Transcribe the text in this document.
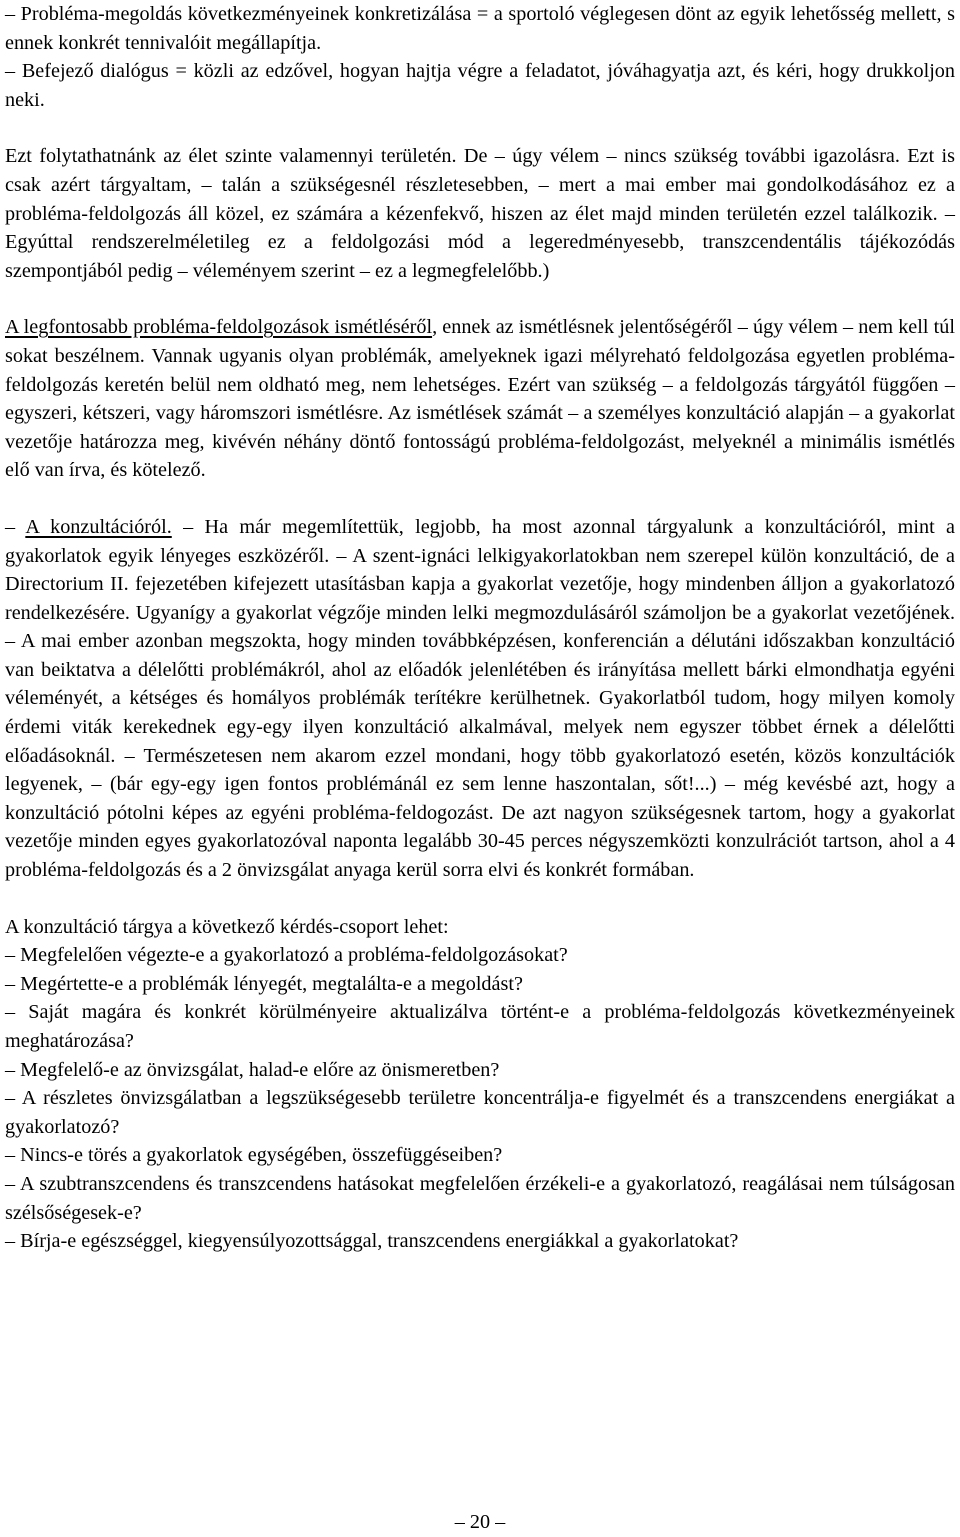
– Probléma-megoldás következményeinek konkretizálása = a sportoló véglegesen dönt az egyik lehetősség mellett, s ennek konkrét tennivalóit megállapítja.

– Befejező dialógus = közli az edzővel, hogyan hajtja végre a feladatot, jóváhagyatja azt, és kéri, hogy drukkoljon neki.

Ezt folytathatnánk az élet szinte valamennyi területén. De – úgy vélem – nincs szükség további igazolásra. Ezt is csak azért tárgyaltam, – talán a szükségesnél részletesebben, – mert a mai ember mai gondolkodásához ez a probléma-feldolgozás áll közel, ez számára a kézenfekvő, hiszen az élet majd minden területén ezzel találkozik. – Egyúttal rendszerelméletileg ez a feldolgozási mód a legeredményesebb, transzcendentális tájékozódás szempontjából pedig – véleményem szerint – ez a legmegfelelőbb.)

A legfontosabb probléma-feldolgozások ismétléséről, ennek az ismétlésnek jelentőségéről – úgy vélem – nem kell túl sokat beszélnem. Vannak ugyanis olyan problémák, amelyeknek igazi mélyreható feldolgozása egyetlen probléma-feldolgozás keretén belül nem oldható meg, nem lehetséges. Ezért van szükség – a feldolgozás tárgyától függően – egyszeri, kétszeri, vagy háromszori ismétlésre. Az ismétlések számát – a személyes konzultáció alapján – a gyakorlat vezetője határozza meg, kivévén néhány döntő fontosságú probléma-feldolgozást, melyeknél a minimális ismétlés elő van írva, és kötelező.

– A konzultációról. – Ha már megemlítettük, legjobb, ha most azonnal tárgyalunk a konzultációról, mint a gyakorlatok egyik lényeges eszközéről. – A szent-ignáci lelkigyakorlatokban nem szerepel külön konzultáció, de a Directorium II. fejezetében kifejezett utasításban kapja a gyakorlat vezetője, hogy mindenben álljon a gyakorlatozó rendelkezésére. Ugyanígy a gyakorlat végzője minden lelki megmozdulásáról számoljon be a gyakorlat vezetőjének. – A mai ember azonban megszokta, hogy minden továbbképzésen, konferencián a délutáni időszakban konzultáció van beiktatva a délelőtti problémákról, ahol az előadók jelenlétében és irányítása mellett bárki elmondhatja egyéni véleményét, a kétséges és homályos problémák terítékre kerülhetnek. Gyakorlatból tudom, hogy milyen komoly érdemi viták kerekednek egy-egy ilyen konzultáció alkalmával, melyek nem egyszer többet érnek a délelőtti előadásoknál. – Természetesen nem akarom ezzel mondani, hogy több gyakorlatozó esetén, közös konzultációk legyenek, – (bár egy-egy igen fontos problémánál ez sem lenne haszontalan, sőt!...) – még kevésbé azt, hogy a konzultáció pótolni képes az egyéni probléma-feldogozást. De azt nagyon szükségesnek tartom, hogy a gyakorlat vezetője minden egyes gyakorlatozóval naponta legalább 30-45 perces négyszemközti konzulrációt tartson, ahol a 4 probléma-feldolgozás és a 2 önvizsgálat anyaga kerül sorra elvi és konkrét formában.

A konzultáció tárgya a következő kérdés-csoport lehet:

– Megfelelően végezte-e a gyakorlatozó a probléma-feldolgozásokat?

– Megértette-e a problémák lényegét, megtalálta-e a megoldást?

– Saját magára és konkrét körülményeire aktualizálva történt-e a probléma-feldolgozás következményeinek meghatározása?

– Megfelelő-e az önvizsgálat, halad-e előre az önismeretben?

– A részletes önvizsgálatban a legszükségesebb területre koncentrálja-e figyelmét és a transzcendens energiákat a gyakorlatozó?

– Nincs-e törés a gyakorlatok egységében, összefüggéseiben?

– A szubtranszcendens és transzcendens hatásokat megfelelően érzékeli-e a gyakorlatozó, reagálásai nem túlságosan szélsőségesek-e?

– Bírja-e egészséggel, kiegyensúlyozottsággal, transzcendens energiákkal a gyakorlatokat?

– 20 –
